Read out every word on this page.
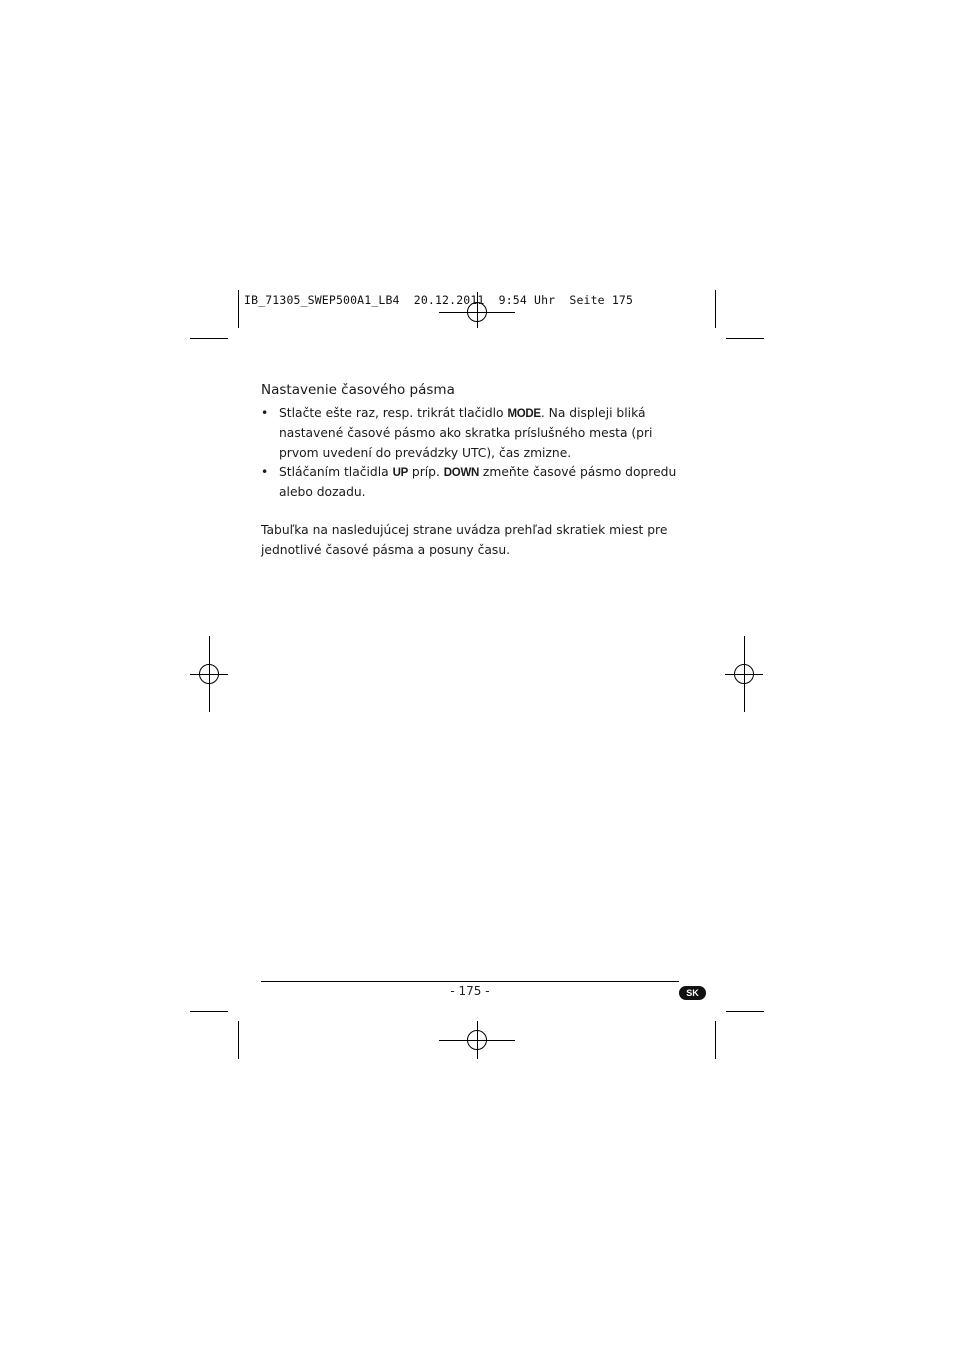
IB_71305_SWEP500A1_LB4  20.12.2011  9:54 Uhr  Seite 175
Nastavenie časového pásma
• Stlačte ešte raz, resp. trikrát tlačidlo MODE. Na displeji bliká nastavené časové pásmo ako skratka príslušného mesta (pri prvom uvedení do prevádzky UTC), čas zmizne.
• Stláčaním tlačidla UP príp. DOWN zmeňte časové pásmo dopredu alebo dozadu.

Tabuľka na nasledujúcej strane uvádza prehľad skratiek miest pre jednotlivé časové pásma a posuny času.

- 175 -	SK
